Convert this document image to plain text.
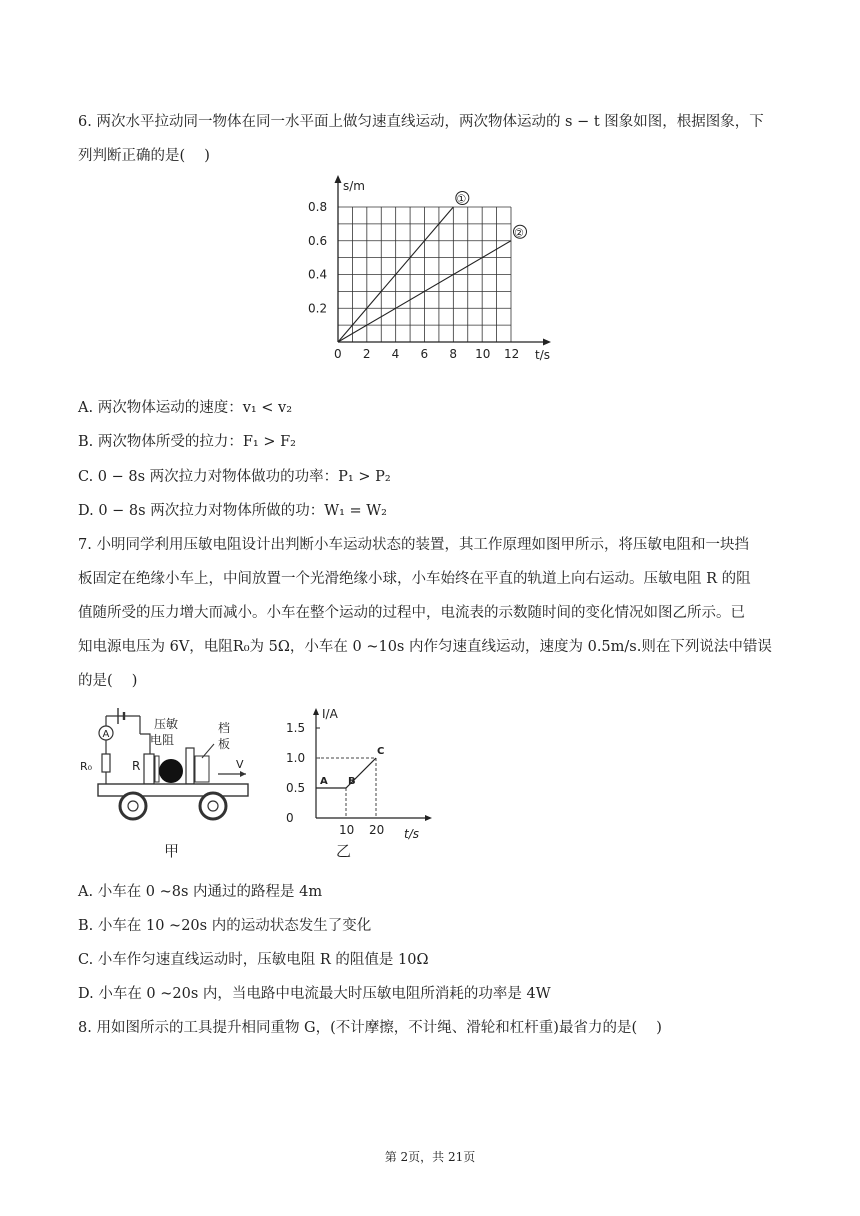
6. 两次水平拉动同一物体在同一水平面上做匀速直线运动，两次物体运动的 s − t 图象如图，根据图象，下
列判断正确的是(　 )
0 2 4 6 8 10 12
0.2
0.4
0.6
0.8
s/m
t/s
①
②
A. 两次物体运动的速度：v₁ < v₂
B. 两次物体所受的拉力：F₁ > F₂
C. 0 − 8s 两次拉力对物体做功的功率：P₁ > P₂
D. 0 − 8s 两次拉力对物体所做的功：W₁ = W₂
7. 小明同学利用压敏电阻设计出判断小车运动状态的装置，其工作原理如图甲所示，将压敏电阻和一块挡
板固定在绝缘小车上，中间放置一个光滑绝缘小球，小车始终在平直的轨道上向右运动。压敏电阻 R 的阻
值随所受的压力增大而减小。小车在整个运动的过程中，电流表的示数随时间的变化情况如图乙所示。已
知电源电压为 6V，电阻R₀为 5Ω，小车在 0 ~10s 内作匀速直线运动，速度为 0.5m/s.则在下列说法中错误
的是(　 )
A
R₀	R
压敏
电阻
档
板
V
甲
I/A
t/s
0
0.5
1.0
1.5
10 20
A B
C
乙
A. 小车在 0 ~8s 内通过的路程是 4m
B. 小车在 10 ~20s 内的运动状态发生了变化
C. 小车作匀速直线运动时，压敏电阻 R 的阻值是 10Ω
D. 小车在 0 ~20s 内，当电路中电流最大时压敏电阻所消耗的功率是 4W
8. 用如图所示的工具提升相同重物 G，(不计摩擦，不计绳、滑轮和杠杆重)最省力的是(　 )
第 2页，共 21页
